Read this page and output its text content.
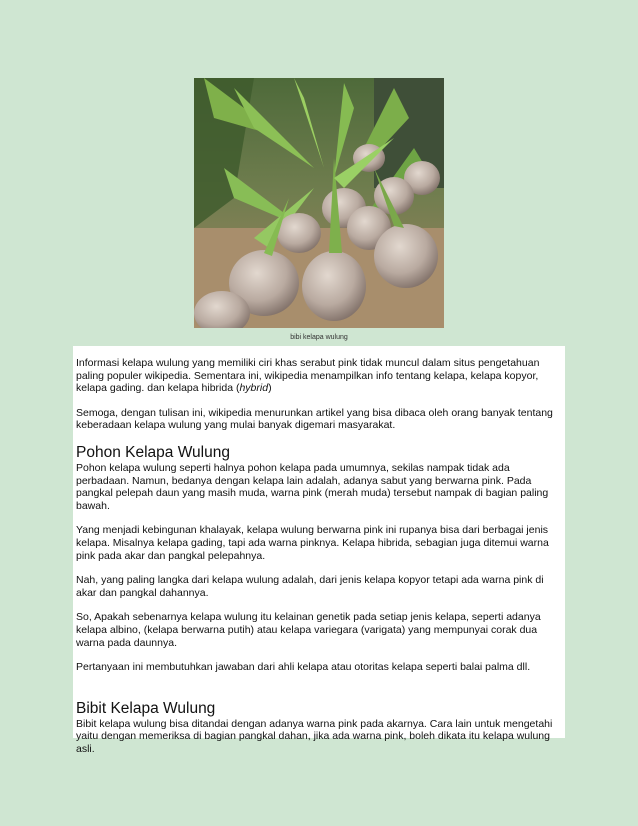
bibi kelapa wulung

Informasi kelapa wulung yang memiliki ciri khas serabut pink tidak muncul dalam situs pengetahuan paling populer wikipedia. Sementara ini, wikipedia menampilkan info tentang kelapa, kelapa kopyor, kelapa gading. dan kelapa hibrida (hybrid)

Semoga, dengan tulisan ini, wikipedia menurunkan artikel yang bisa dibaca oleh orang banyak tentang keberadaan kelapa wulung yang mulai banyak digemari masyarakat.

Pohon Kelapa Wulung

Pohon kelapa wulung seperti halnya pohon kelapa pada umumnya, sekilas nampak tidak ada perbadaan. Namun, bedanya dengan kelapa lain adalah, adanya sabut yang berwarna pink. Pada pangkal pelepah daun yang masih muda, warna pink (merah muda) tersebut nampak di bagian paling bawah.

Yang menjadi kebingunan khalayak, kelapa wulung berwarna pink ini rupanya bisa dari berbagai jenis kelapa. Misalnya kelapa gading, tapi ada warna pinknya. Kelapa hibrida, sebagian juga ditemui warna pink pada akar dan pangkal pelepahnya.

Nah, yang paling langka dari kelapa wulung adalah, dari jenis kelapa kopyor tetapi ada warna pink di akar dan pangkal dahannya.

So, Apakah sebenarnya kelapa wulung itu kelainan genetik pada setiap jenis kelapa, seperti adanya kelapa albino, (kelapa berwarna putih) atau kelapa variegara (varigata) yang mempunyai corak dua warna pada daunnya.

Pertanyaan ini membutuhkan jawaban dari ahli kelapa atau otoritas kelapa seperti balai palma dll.

Bibit Kelapa Wulung

Bibit kelapa wulung bisa ditandai dengan adanya warna pink pada akarnya. Cara lain untuk mengetahi yaitu dengan memeriksa di bagian pangkal dahan, jika ada warna pink, boleh dikata itu kelapa wulung asli.
